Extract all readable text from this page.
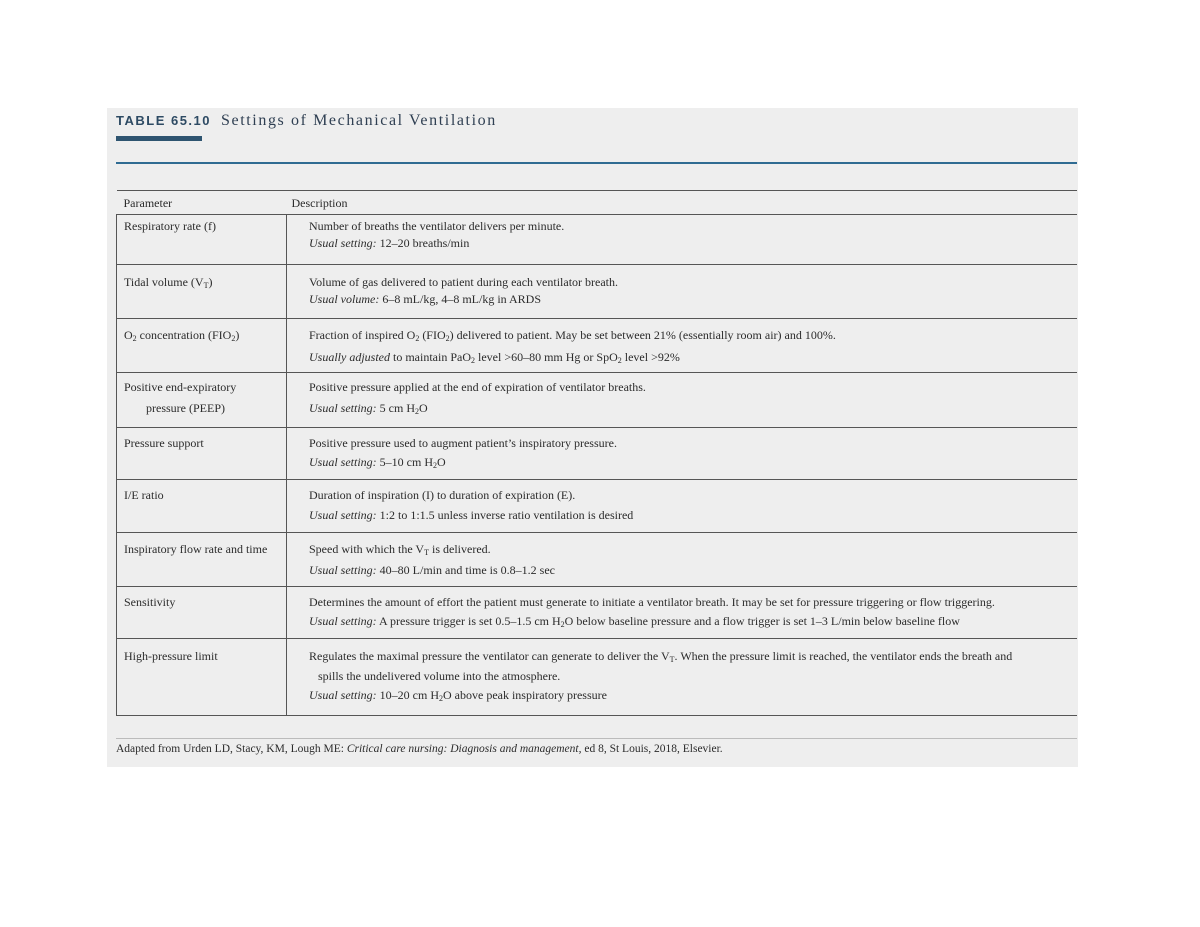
TABLE 65.10 Settings of Mechanical Ventilation
Parameter	Description
Respiratory rate (f)	Number of breaths the ventilator delivers per minute.
Usual setting: 12–20 breaths/min

Tidal volume $(V_T)$	Volume of gas delivered to patient during each ventilator breath.
Usual volume: 6–8 mL/kg, 4–8 mL/kg in ARDS

$O_2$ concentration $(FIO_2)$	Fraction of inspired $O_2$ $(FIO_2)$ delivered to patient. May be set between 21% (essentially room air) and 100%.
Usually adjusted to maintain PaO$_2$ level >60–80 mm Hg or SpO$_2$ level >92%

Positive end-expiratory
pressure (PEEP)	Positive pressure applied at the end of expiration of ventilator breaths.
Usual setting: 5 cm $H_2O$

Pressure support	Positive pressure used to augment patient’s inspiratory pressure.
Usual setting: 5–10 cm $H_2O$

I/E ratio	Duration of inspiration (I) to duration of expiration (E).
Usual setting: 1:2 to 1:1.5 unless inverse ratio ventilation is desired

Inspiratory flow rate and time	Speed with which the $V_T$ is delivered.
Usual setting: 40–80 L/min and time is 0.8–1.2 sec

Sensitivity	Determines the amount of effort the patient must generate to initiate a ventilator breath. It may be set for pressure triggering or flow triggering.
Usual setting: A pressure trigger is set 0.5–1.5 cm $H_2O$ below baseline pressure and a flow trigger is set 1–3 L/min below baseline flow

High-pressure limit	Regulates the maximal pressure the ventilator can generate to deliver the $V_T$. When the pressure limit is reached, the ventilator ends the breath and
spills the undelivered volume into the atmosphere.
Usual setting: 10–20 cm $H_2O$ above peak inspiratory pressure
Adapted from Urden LD, Stacy, KM, Lough ME: Critical care nursing: Diagnosis and management, ed 8, St Louis, 2018, Elsevier.
